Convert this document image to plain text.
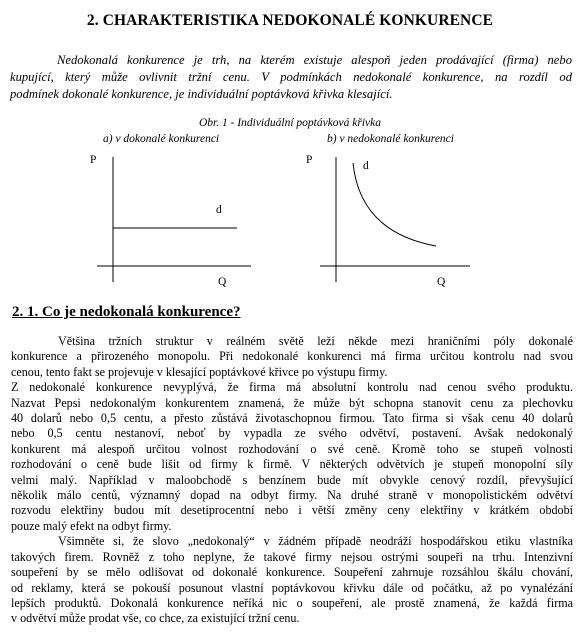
2. CHARAKTERISTIKA NEDOKONALÉ KONKURENCE
Nedokonalá konkurence je trh, na kterém existuje alespoň jeden prodávající (firma) nebo
kupující, který může ovlivnit tržní cenu. V podmínkách nedokonalé konkurence, na rozdíl od
podmínek dokonalé konkurence, je individuální poptávková křivka klesající.
Obr. 1 - Individuální poptávková křivka
a) v dokonalé konkurenci	b) v nedokonalé konkurenci
P
d
Q
P	d
Q
2. 1. Co je nedokonalá konkurence?
Většina tržních struktur v reálném světě leží někde mezi hraničními póly dokonalé
konkurence a přirozeného monopolu. Při nedokonalé konkurenci má firma určitou kontrolu nad svou
cenou, tento fakt se projevuje v klesající poptávkové křivce po výstupu firmy.
Z nedokonalé konkurence nevyplývá, že firma má absolutní kontrolu nad cenou svého produktu.
Nazvat Pepsi nedokonalým konkurentem znamená, že může být schopna stanovit cenu za plechovku
40 dolarů nebo 0,5 centu, a přesto zůstává životaschopnou firmou. Tato firma si však cenu 40 dolarů
nebo 0,5 centu nestanoví, neboť by vypadla ze svého odvětví, postavení. Avšak nedokonalý
konkurent má alespoň určitou volnost rozhodování o své ceně. Kromě toho se stupeň volnosti
rozhodování o ceně bude lišit od firmy k firmě. V některých odvětvích je stupeň monopolní síly
velmi malý. Například v maloobchodě s benzínem bude mít obvykle cenový rozdíl, převyšující
několik málo centů, významný dopad na odbyt firmy. Na druhé straně v monopolistickém odvětví
rozvodu elektřiny budou mít desetiprocentní nebo i větší změny ceny elektřiny v krátkém období
pouze malý efekt na odbyt firmy.
Všimněte si, že slovo „nedokonalý“ v žádném případě neodráží hospodářskou etiku vlastníka
takových firem. Rovněž z toho neplyne, že takové firmy nejsou ostrými soupeři na trhu. Intenzivní
soupeření by se mělo odlišovat od dokonalé konkurence. Soupeření zahrnuje rozsáhlou škálu chování,
od reklamy, která se pokouší posunout vlastní poptávkovou křivku dále od počátku, až po vynalézání
lepších produktů. Dokonalá konkurence neříká nic o soupeření, ale prostě znamená, že každá firma
v odvětví může prodat vše, co chce, za existující tržní cenu.
